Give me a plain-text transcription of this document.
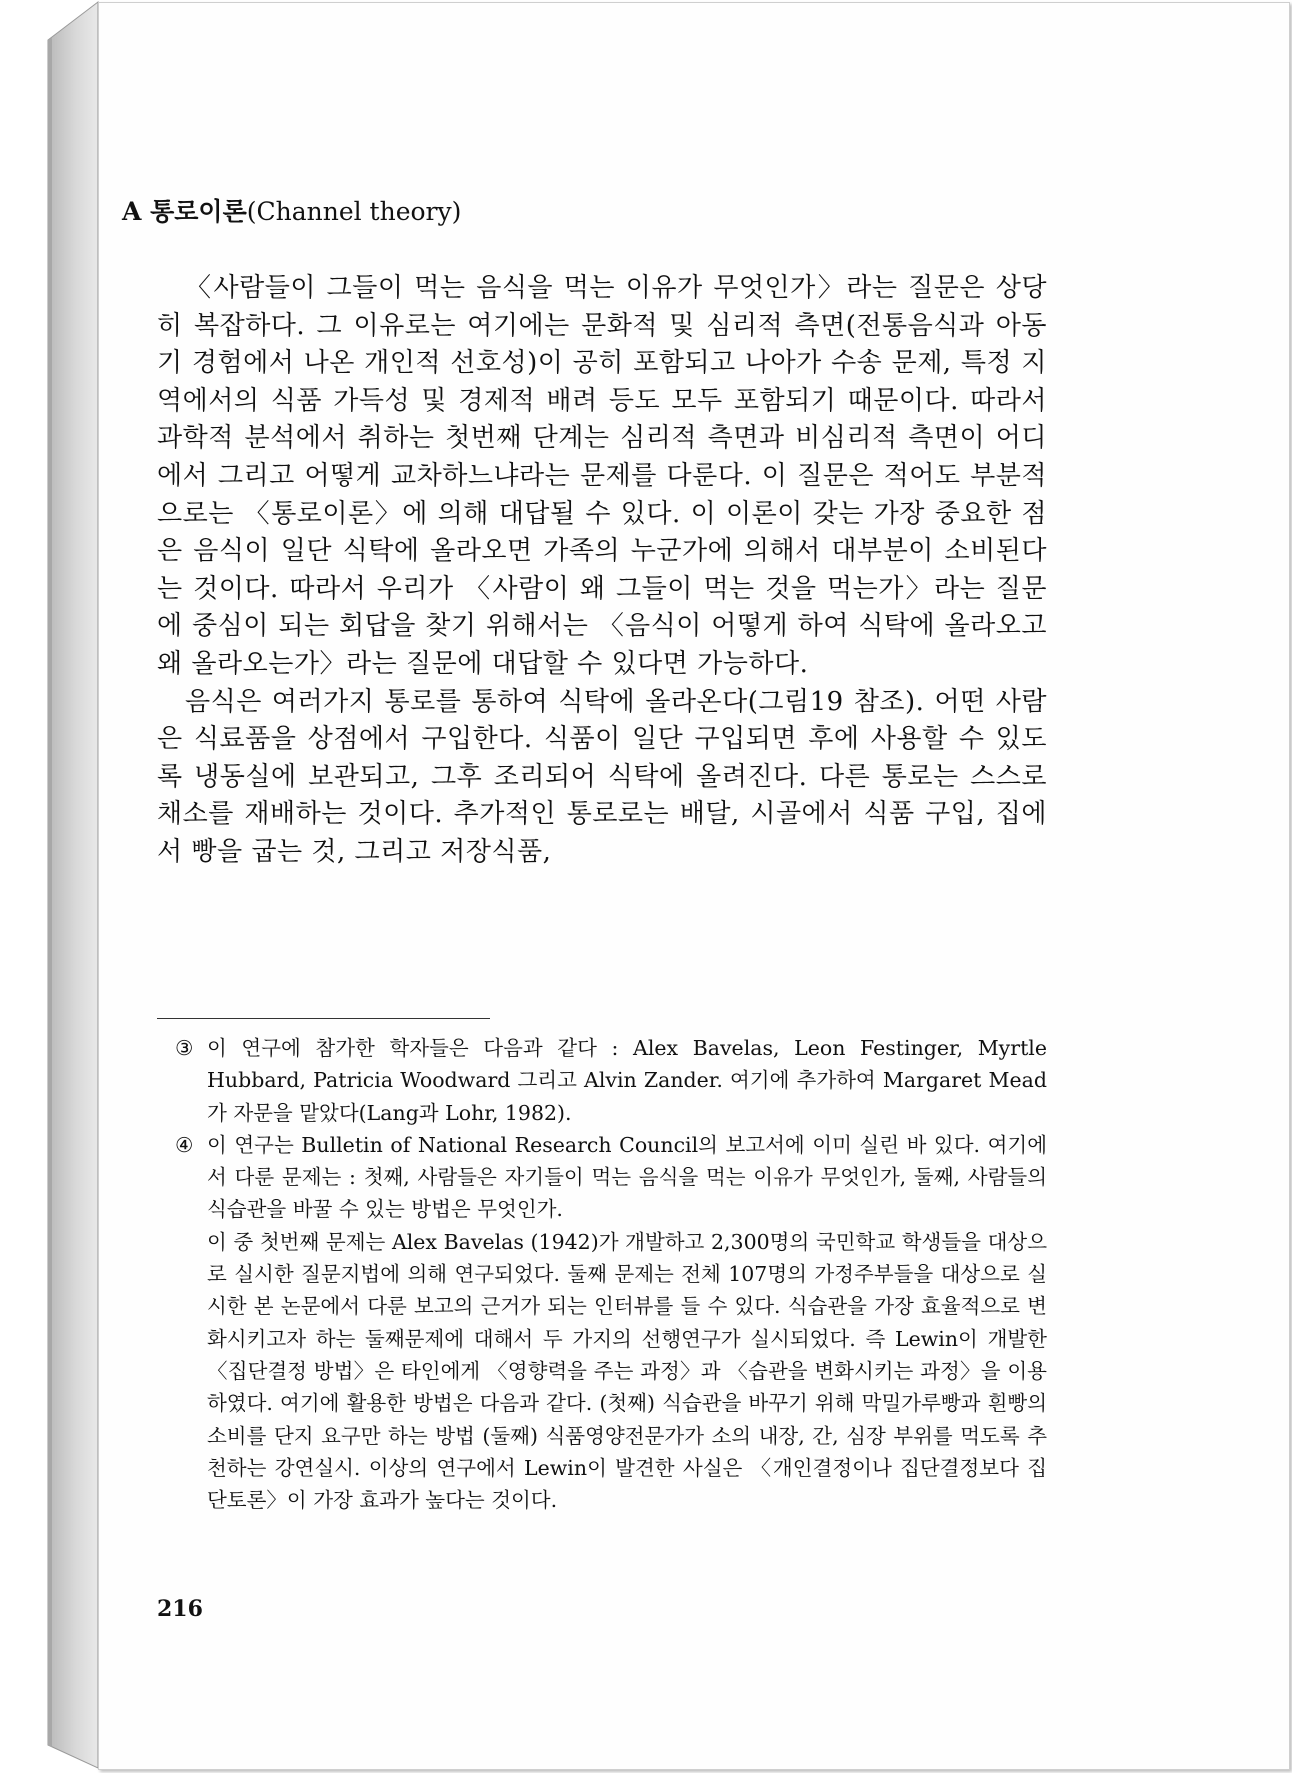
A 통로이론(Channel theory)

〈사람들이 그들이 먹는 음식을 먹는 이유가 무엇인가〉라는 질문은 상당히 복잡하다. 그 이유로는 여기에는 문화적 및 심리적 측면(전통음식과 아동기 경험에서 나온 개인적 선호성)이 공히 포함되고 나아가 수송 문제, 특정 지역에서의 식품 가득성 및 경제적 배려 등도 모두 포함되기 때문이다. 따라서 과학적 분석에서 취하는 첫번째 단계는 심리적 측면과 비심리적 측면이 어디에서 그리고 어떻게 교차하느냐라는 문제를 다룬다. 이 질문은 적어도 부분적으로는 〈통로이론〉에 의해 대답될 수 있다. 이 이론이 갖는 가장 중요한 점은 음식이 일단 식탁에 올라오면 가족의 누군가에 의해서 대부분이 소비된다는 것이다. 따라서 우리가 〈사람이 왜 그들이 먹는 것을 먹는가〉라는 질문에 중심이 되는 회답을 찾기 위해서는 〈음식이 어떻게 하여 식탁에 올라오고 왜 올라오는가〉라는 질문에 대답할 수 있다면 가능하다.

음식은 여러가지 통로를 통하여 식탁에 올라온다(그림19 참조). 어떤 사람은 식료품을 상점에서 구입한다. 식품이 일단 구입되면 후에 사용할 수 있도록 냉동실에 보관되고, 그후 조리되어 식탁에 올려진다. 다른 통로는 스스로 채소를 재배하는 것이다. 추가적인 통로로는 배달, 시골에서 식품 구입, 집에서 빵을 굽는 것, 그리고 저장식품,

③ 이 연구에 참가한 학자들은 다음과 같다 : Alex Bavelas, Leon Festinger, Myrtle Hubbard, Patricia Woodward 그리고 Alvin Zander. 여기에 추가하여 Margaret Mead가 자문을 맡았다(Lang과 Lohr, 1982).

④ 이 연구는 Bulletin of National Research Council의 보고서에 이미 실린 바 있다. 여기에서 다룬 문제는 : 첫째, 사람들은 자기들이 먹는 음식을 먹는 이유가 무엇인가, 둘째, 사람들의 식습관을 바꿀 수 있는 방법은 무엇인가.

이 중 첫번째 문제는 Alex Bavelas (1942)가 개발하고 2,300명의 국민학교 학생들을 대상으로 실시한 질문지법에 의해 연구되었다. 둘째 문제는 전체 107명의 가정주부들을 대상으로 실시한 본 논문에서 다룬 보고의 근거가 되는 인터뷰를 들 수 있다. 식습관을 가장 효율적으로 변화시키고자 하는 둘째문제에 대해서 두 가지의 선행연구가 실시되었다. 즉 Lewin이 개발한 〈집단결정 방법〉은 타인에게 〈영향력을 주는 과정〉과 〈습관을 변화시키는 과정〉을 이용하였다. 여기에 활용한 방법은 다음과 같다. (첫째) 식습관을 바꾸기 위해 막밀가루빵과 흰빵의 소비를 단지 요구만 하는 방법 (둘째) 식품영양전문가가 소의 내장, 간, 심장 부위를 먹도록 추천하는 강연실시. 이상의 연구에서 Lewin이 발견한 사실은 〈개인결정이나 집단결정보다 집단토론〉이 가장 효과가 높다는 것이다.

216
